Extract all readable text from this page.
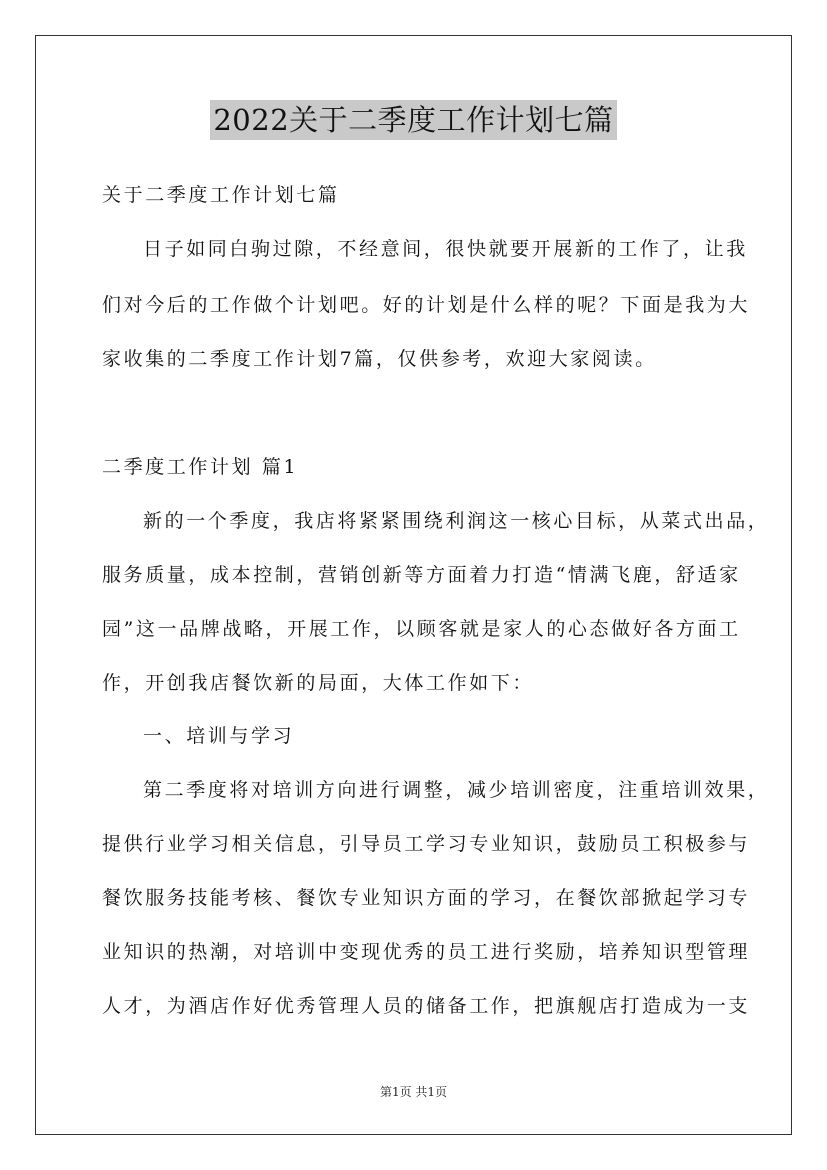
2022关于二季度工作计划七篇
关于二季度工作计划七篇
日子如同白驹过隙，不经意间，很快就要开展新的工作了，让我
们对今后的工作做个计划吧。好的计划是什么样的呢？下面是我为大
家收集的二季度工作计划7篇，仅供参考，欢迎大家阅读。
二季度工作计划 篇1
新的一个季度，我店将紧紧围绕利润这一核心目标，从菜式出品，
服务质量，成本控制，营销创新等方面着力打造“情满飞鹿，舒适家
园”这一品牌战略，开展工作，以顾客就是家人的心态做好各方面工
作，开创我店餐饮新的局面，大体工作如下：
一、培训与学习
第二季度将对培训方向进行调整，减少培训密度，注重培训效果，
提供行业学习相关信息，引导员工学习专业知识，鼓励员工积极参与
餐饮服务技能考核、餐饮专业知识方面的学习，在餐饮部掀起学习专
业知识的热潮，对培训中变现优秀的员工进行奖励，培养知识型管理
人才，为酒店作好优秀管理人员的储备工作，把旗舰店打造成为一支
第1页 共1页
